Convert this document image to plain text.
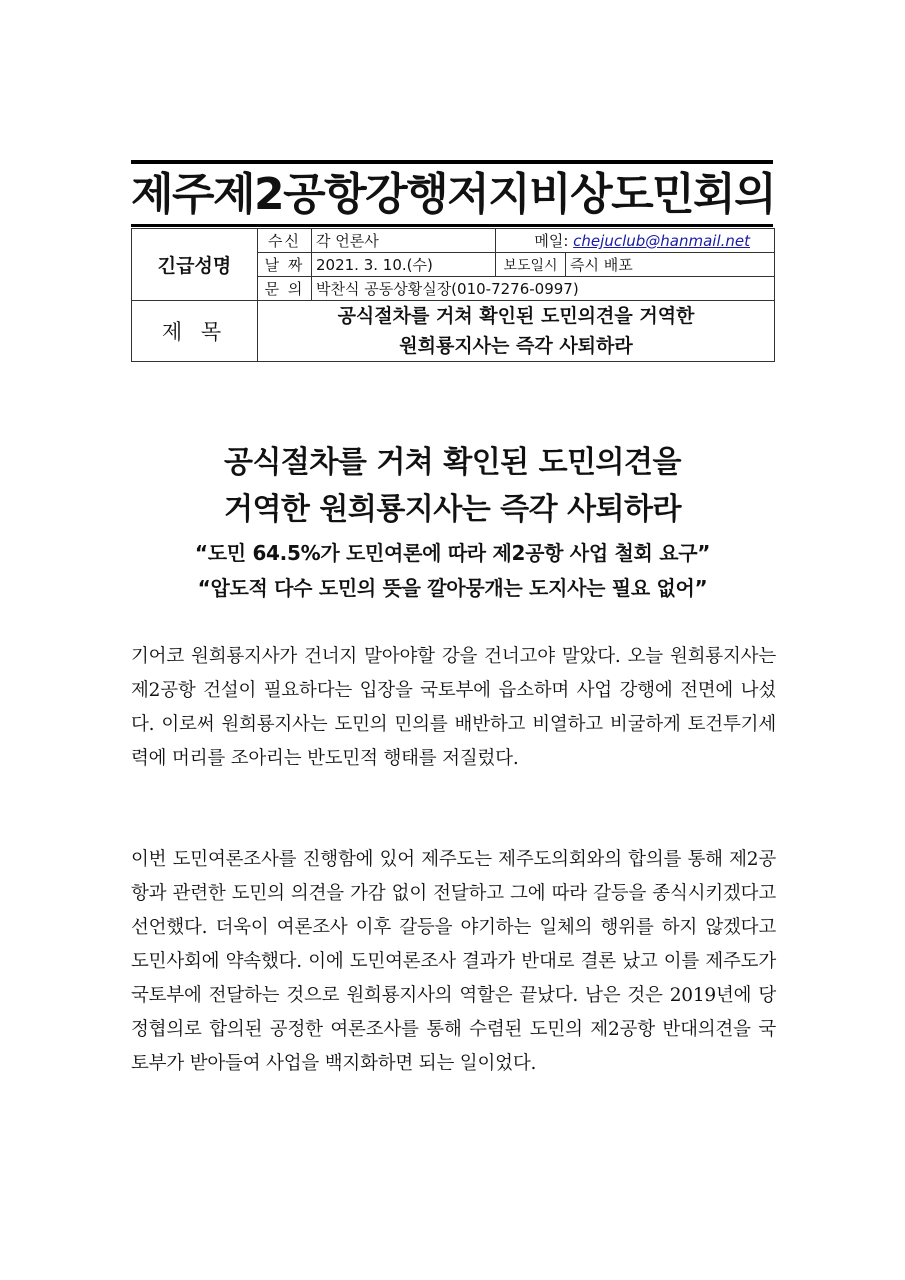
제주제2공항강행저지비상도민회의
긴급성명	수신	각 언론사	메일: chejuclub@hanmail.net	
	날 짜	2021. 3. 10.(수)	보도일시	즉시 배포
	문 의	박찬식 공동상황실장(010-7276-0997)		
제 목	공식절차를 거쳐 확인된 도민의견을 거역한
원희룡지사는 즉각 사퇴하라			
공식절차를 거쳐 확인된 도민의견을
거역한 원희룡지사는 즉각 사퇴하라
“도민 64.5%가 도민여론에 따라 제2공항 사업 철회 요구”
“압도적 다수 도민의 뜻을 깔아뭉개는 도지사는 필요 없어”
기어코 원희룡지사가 건너지 말아야할 강을 건너고야 말았다. 오늘 원희룡지사는 제2공항 건설이 필요하다는 입장을 국토부에 읍소하며 사업 강행에 전면에 나섰다. 이로써 원희룡지사는 도민의 민의를 배반하고 비열하고 비굴하게 토건투기세력에 머리를 조아리는 반도민적 행태를 저질렀다.
이번 도민여론조사를 진행함에 있어 제주도는 제주도의회와의 합의를 통해 제2공항과 관련한 도민의 의견을 가감 없이 전달하고 그에 따라 갈등을 종식시키겠다고 선언했다. 더욱이 여론조사 이후 갈등을 야기하는 일체의 행위를 하지 않겠다고 도민사회에 약속했다. 이에 도민여론조사 결과가 반대로 결론 났고 이를 제주도가 국토부에 전달하는 것으로 원희룡지사의 역할은 끝났다. 남은 것은 2019년에 당정협의로 합의된 공정한 여론조사를 통해 수렴된 도민의 제2공항 반대의견을 국토부가 받아들여 사업을 백지화하면 되는 일이었다.
